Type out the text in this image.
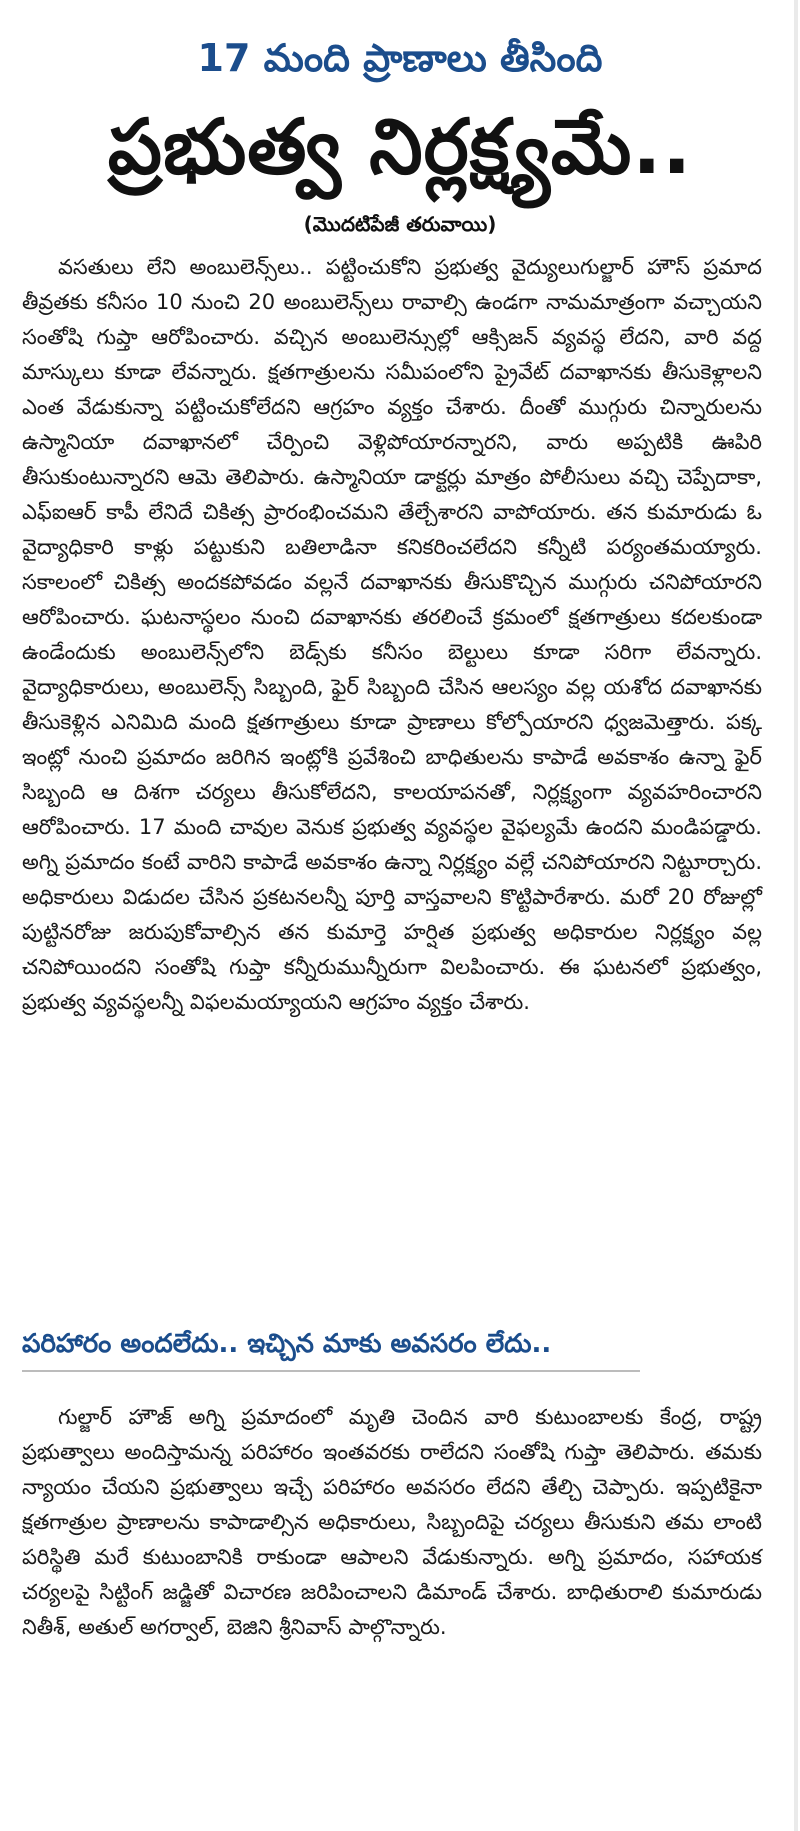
17 మంది ప్రాణాలు తీసింది
ప్రభుత్వ నిర్లక్ష్యమే..
(మొదటిపేజీ తరువాయి)
వసతులు లేని అంబులెన్స్‌లు.. పట్టించుకోని ప్రభుత్వ వైద్యులుగుల్జార్ హౌస్ ప్రమాద తీవ్రతకు కనీసం 10 నుంచి 20 అంబులెన్స్‌లు రావాల్సి ఉండగా నామమాత్రంగా వచ్చాయని సంతోషి గుప్తా ఆరోపించారు. వచ్చిన అంబులెన్సుల్లో ఆక్సిజన్ వ్యవస్థ లేదని, వారి వద్ద మాస్కులు కూడా లేవన్నారు. క్షతగాత్రులను సమీపంలోని ప్రైవేట్ దవాఖానకు తీసుకెళ్లాలని ఎంత వేడుకున్నా పట్టించుకోలేదని ఆగ్రహం వ్యక్తం చేశారు. దీంతో ముగ్గురు చిన్నారులను ఉస్మానియా దవాఖానలో చేర్పించి వెళ్లిపోయారన్నారని, వారు అప్పటికి ఊపిరి తీసుకుంటున్నారని ఆమె తెలిపారు. ఉస్మానియా డాక్టర్లు మాత్రం పోలీసులు వచ్చి చెప్పేదాకా, ఎఫ్ఐఆర్ కాపీ లేనిదే చికిత్స ప్రారంభించమని తేల్చేశారని వాపోయారు. తన కుమారుడు ఓ వైద్యాధికారి కాళ్లు పట్టుకుని బతిలాడినా కనికరించలేదని కన్నీటి పర్యంతమయ్యారు. సకాలంలో చికిత్స అందకపోవడం వల్లనే దవాఖానకు తీసుకొచ్చిన ముగ్గురు చనిపోయారని ఆరోపించారు. ఘటనాస్థలం నుంచి దవాఖానకు తరలించే క్రమంలో క్షతగాత్రులు కదలకుండా ఉండేందుకు అంబులెన్స్‌లోని బెడ్స్‌కు కనీసం బెల్టులు కూడా సరిగా లేవన్నారు. వైద్యాధికారులు, అంబులెన్స్ సిబ్బంది, ఫైర్ సిబ్బంది చేసిన ఆలస్యం వల్ల యశోద దవాఖానకు తీసుకెళ్లిన ఎనిమిది మంది క్షతగాత్రులు కూడా ప్రాణాలు కోల్పోయారని ధ్వజమెత్తారు. పక్క ఇంట్లో నుంచి ప్రమాదం జరిగిన ఇంట్లోకి ప్రవేశించి బాధితులను కాపాడే అవకాశం ఉన్నా ఫైర్ సిబ్బంది ఆ దిశగా చర్యలు తీసుకోలేదని, కాలయాపనతో, నిర్లక్ష్యంగా వ్యవహరించారని ఆరోపించారు. 17 మంది చావుల వెనుక ప్రభుత్వ వ్యవస్థల వైఫల్యమే ఉందని మండిపడ్డారు. అగ్ని ప్రమాదం కంటే వారిని కాపాడే అవకాశం ఉన్నా నిర్లక్ష్యం వల్లే చనిపోయారని నిట్టూర్చారు. అధికారులు విడుదల చేసిన ప్రకటనలన్నీ పూర్తి వాస్తవాలని కొట్టిపారేశారు. మరో 20 రోజుల్లో పుట్టినరోజు జరుపుకోవాల్సిన తన కుమార్తె హర్షిత ప్రభుత్వ అధికారుల నిర్లక్ష్యం వల్ల చనిపోయిందని సంతోషి గుప్తా కన్నీరుమున్నీరుగా విలపించారు. ఈ ఘటనలో ప్రభుత్వం, ప్రభుత్వ వ్యవస్థలన్నీ విఫలమయ్యాయని ఆగ్రహం వ్యక్తం చేశారు.
పరిహారం అందలేదు.. ఇచ్చిన మాకు అవసరం లేదు..
గుల్జార్ హౌజ్ అగ్ని ప్రమాదంలో మృతి చెందిన వారి కుటుంబాలకు కేంద్ర, రాష్ట్ర ప్రభుత్వాలు అందిస్తామన్న పరిహారం ఇంతవరకు రాలేదని సంతోషి గుప్తా తెలిపారు. తమకు న్యాయం చేయని ప్రభుత్వాలు ఇచ్చే పరిహారం అవసరం లేదని తేల్చి చెప్పారు. ఇప్పటికైనా క్షతగాత్రుల ప్రాణాలను కాపాడాల్సిన అధికారులు, సిబ్బందిపై చర్యలు తీసుకుని తమ లాంటి పరిస్థితి మరే కుటుంబానికి రాకుండా ఆపాలని వేడుకున్నారు. అగ్ని ప్రమాదం, సహాయక చర్యలపై సిట్టింగ్ జడ్జితో విచారణ జరిపించాలని డిమాండ్ చేశారు. బాధితురాలి కుమారుడు నితీశ్, అతుల్ అగర్వాల్, బెజిని శ్రీనివాస్ పాల్గొన్నారు.
